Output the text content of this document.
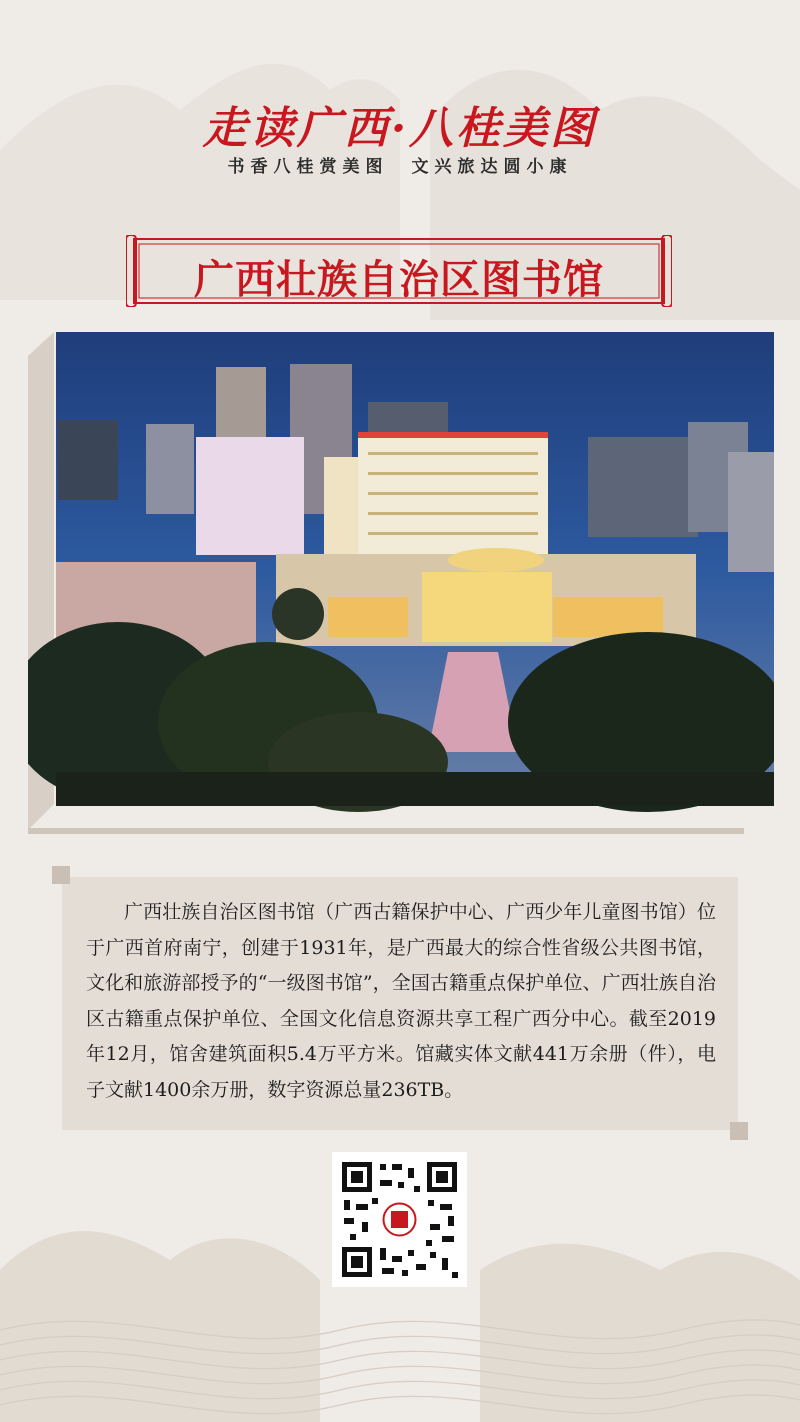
走读广西·八桂美图
书香八桂赏美图　文兴旅达圆小康
广西壮族自治区图书馆
广西壮族自治区图书馆（广西古籍保护中心、广西少年儿童图书馆）位于广西首府南宁，创建于1931年，是广西最大的综合性省级公共图书馆，文化和旅游部授予的“一级图书馆”，全国古籍重点保护单位、广西壮族自治区古籍重点保护单位、全国文化信息资源共享工程广西分中心。截至2019年12月，馆舍建筑面积5.4万平方米。馆藏实体文献441万余册（件），电子文献1400余万册，数字资源总量236TB。
